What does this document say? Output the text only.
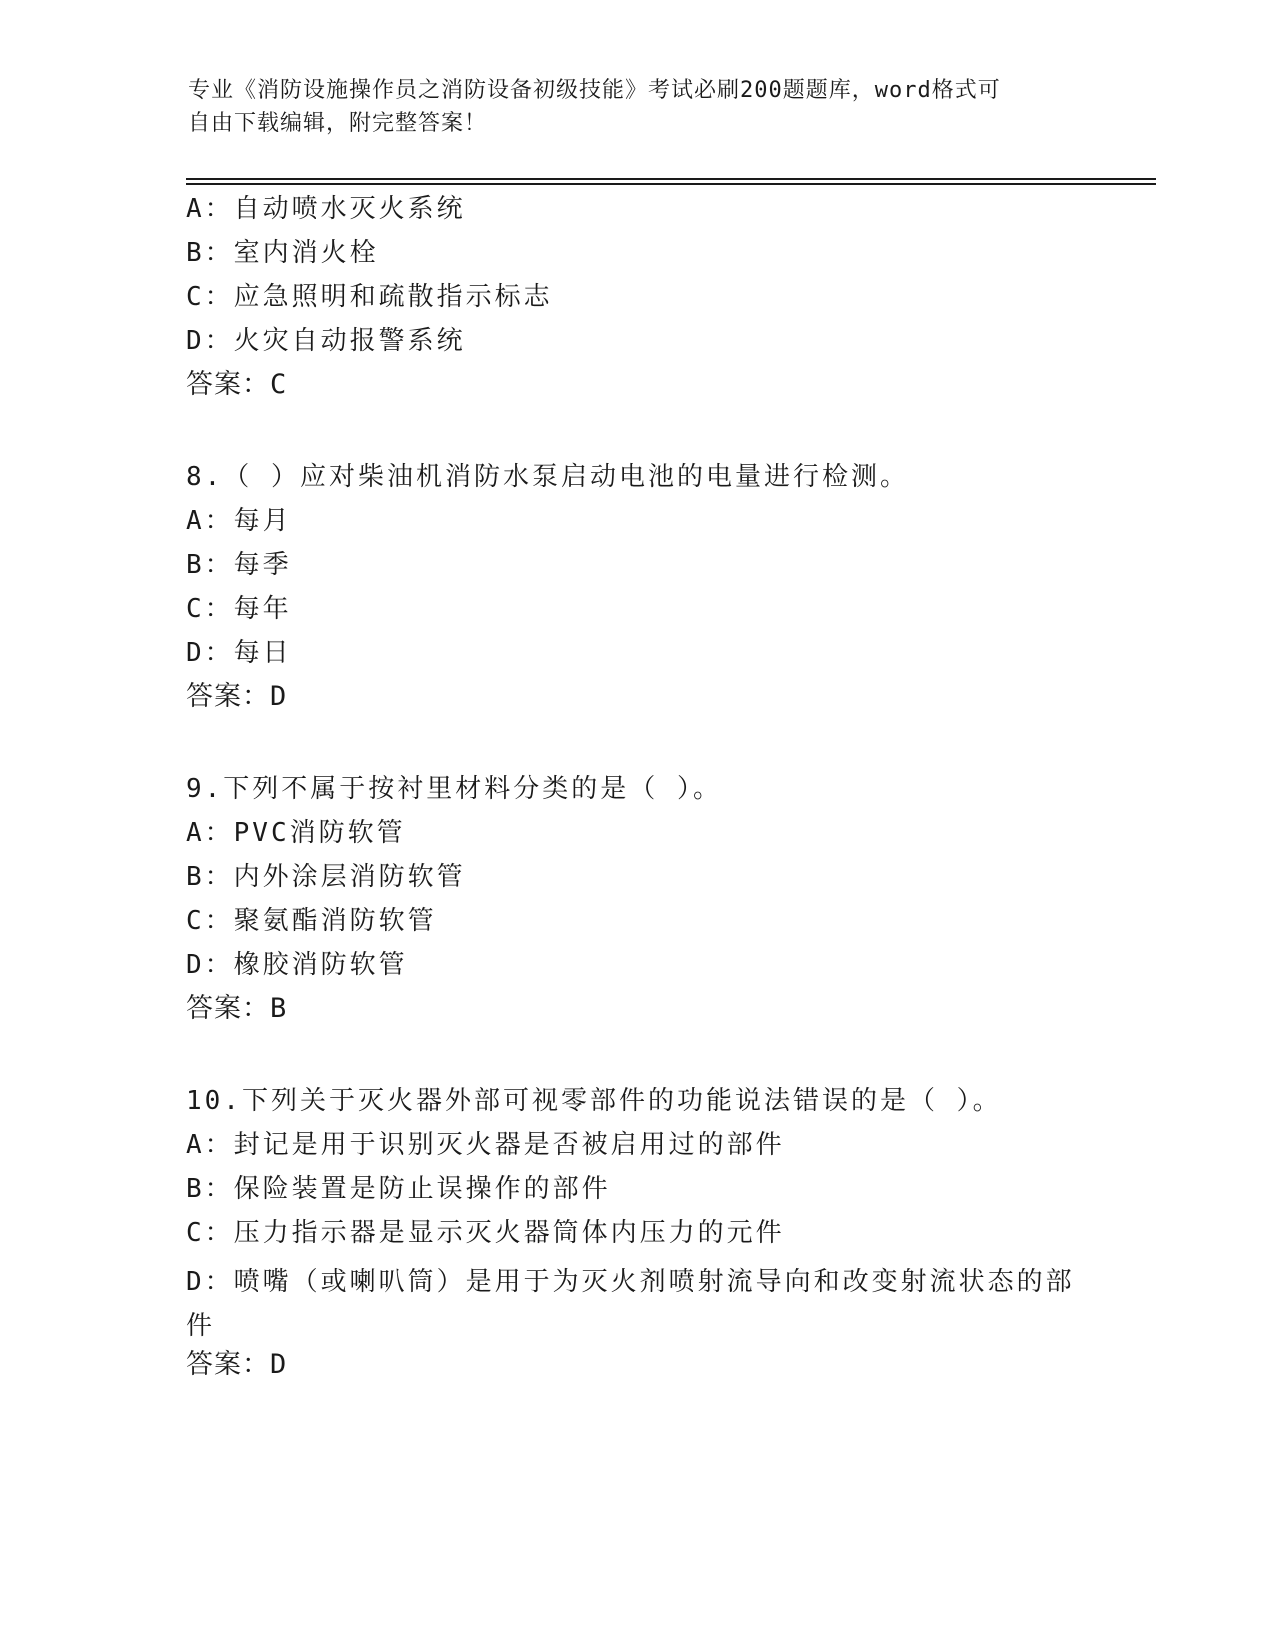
专业《消防设施操作员之消防设备初级技能》考试必刷200题题库，word格式可
自由下载编辑，附完整答案！
A：自动喷水灭火系统
B：室内消火栓
C：应急照明和疏散指示标志
D：火灾自动报警系统
答案：C
8.（ ）应对柴油机消防水泵启动电池的电量进行检测。
A：每月
B：每季
C：每年
D：每日
答案：D
9.下列不属于按衬里材料分类的是（ ）。
A：PVC消防软管
B：内外涂层消防软管
C：聚氨酯消防软管
D：橡胶消防软管
答案：B
10.下列关于灭火器外部可视零部件的功能说法错误的是（ ）。
A：封记是用于识别灭火器是否被启用过的部件
B：保险装置是防止误操作的部件
C：压力指示器是显示灭火器筒体内压力的元件
D：喷嘴（或喇叭筒）是用于为灭火剂喷射流导向和改变射流状态的部件
答案：D
